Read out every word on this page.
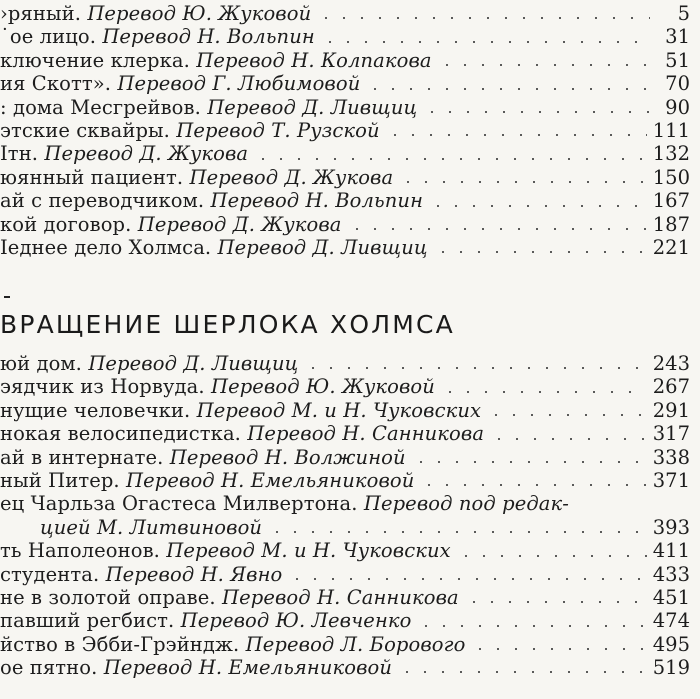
›ряный. Перевод Ю. Жуковой	5
˙ое лицо. Перевод Н. Вольпин	31
ключение клерка. Перевод Н. Колпакова	51
ия Скотт». Перевод Г. Любимовой	70
: дома Месгрейвов. Перевод Д. Ливщиц	90
этские сквайры. Перевод Т. Рузской	111
Ітн. Перевод Д. Жукова	132
юянный пациент. Перевод Д. Жукова	150
ай с переводчиком. Перевод Н. Вольпин	167
кой договор. Перевод Д. Жукова	187
Іеднее дело Холмса. Перевод Д. Ливщиц	221
ВРАЩЕНИЕ ШЕРЛОКА ХОЛМСА
юй дом. Перевод Д. Ливщиц	243
эядчик из Норвуда. Перевод Ю. Жуковой	267
нущие человечки. Перевод М. и Н. Чуковских	291
нокая велосипедистка. Перевод Н. Санникова	317
ай в интернате. Перевод Н. Волжиной	338
ный Питер. Перевод Н. Емельяниковой	371
ец Чарльза Огастеса Милвертона. Перевод под редак-
цией М. Литвиновой	393
ть Наполеонов. Перевод М. и Н. Чуковских	411
студента. Перевод Н. Явно	433
не в золотой оправе. Перевод Н. Санникова	451
павший регбист. Перевод Ю. Левченко	474
йство в Эбби-Грэйндж. Перевод Л. Борового	495
ое пятно. Перевод Н. Емельяниковой	519
